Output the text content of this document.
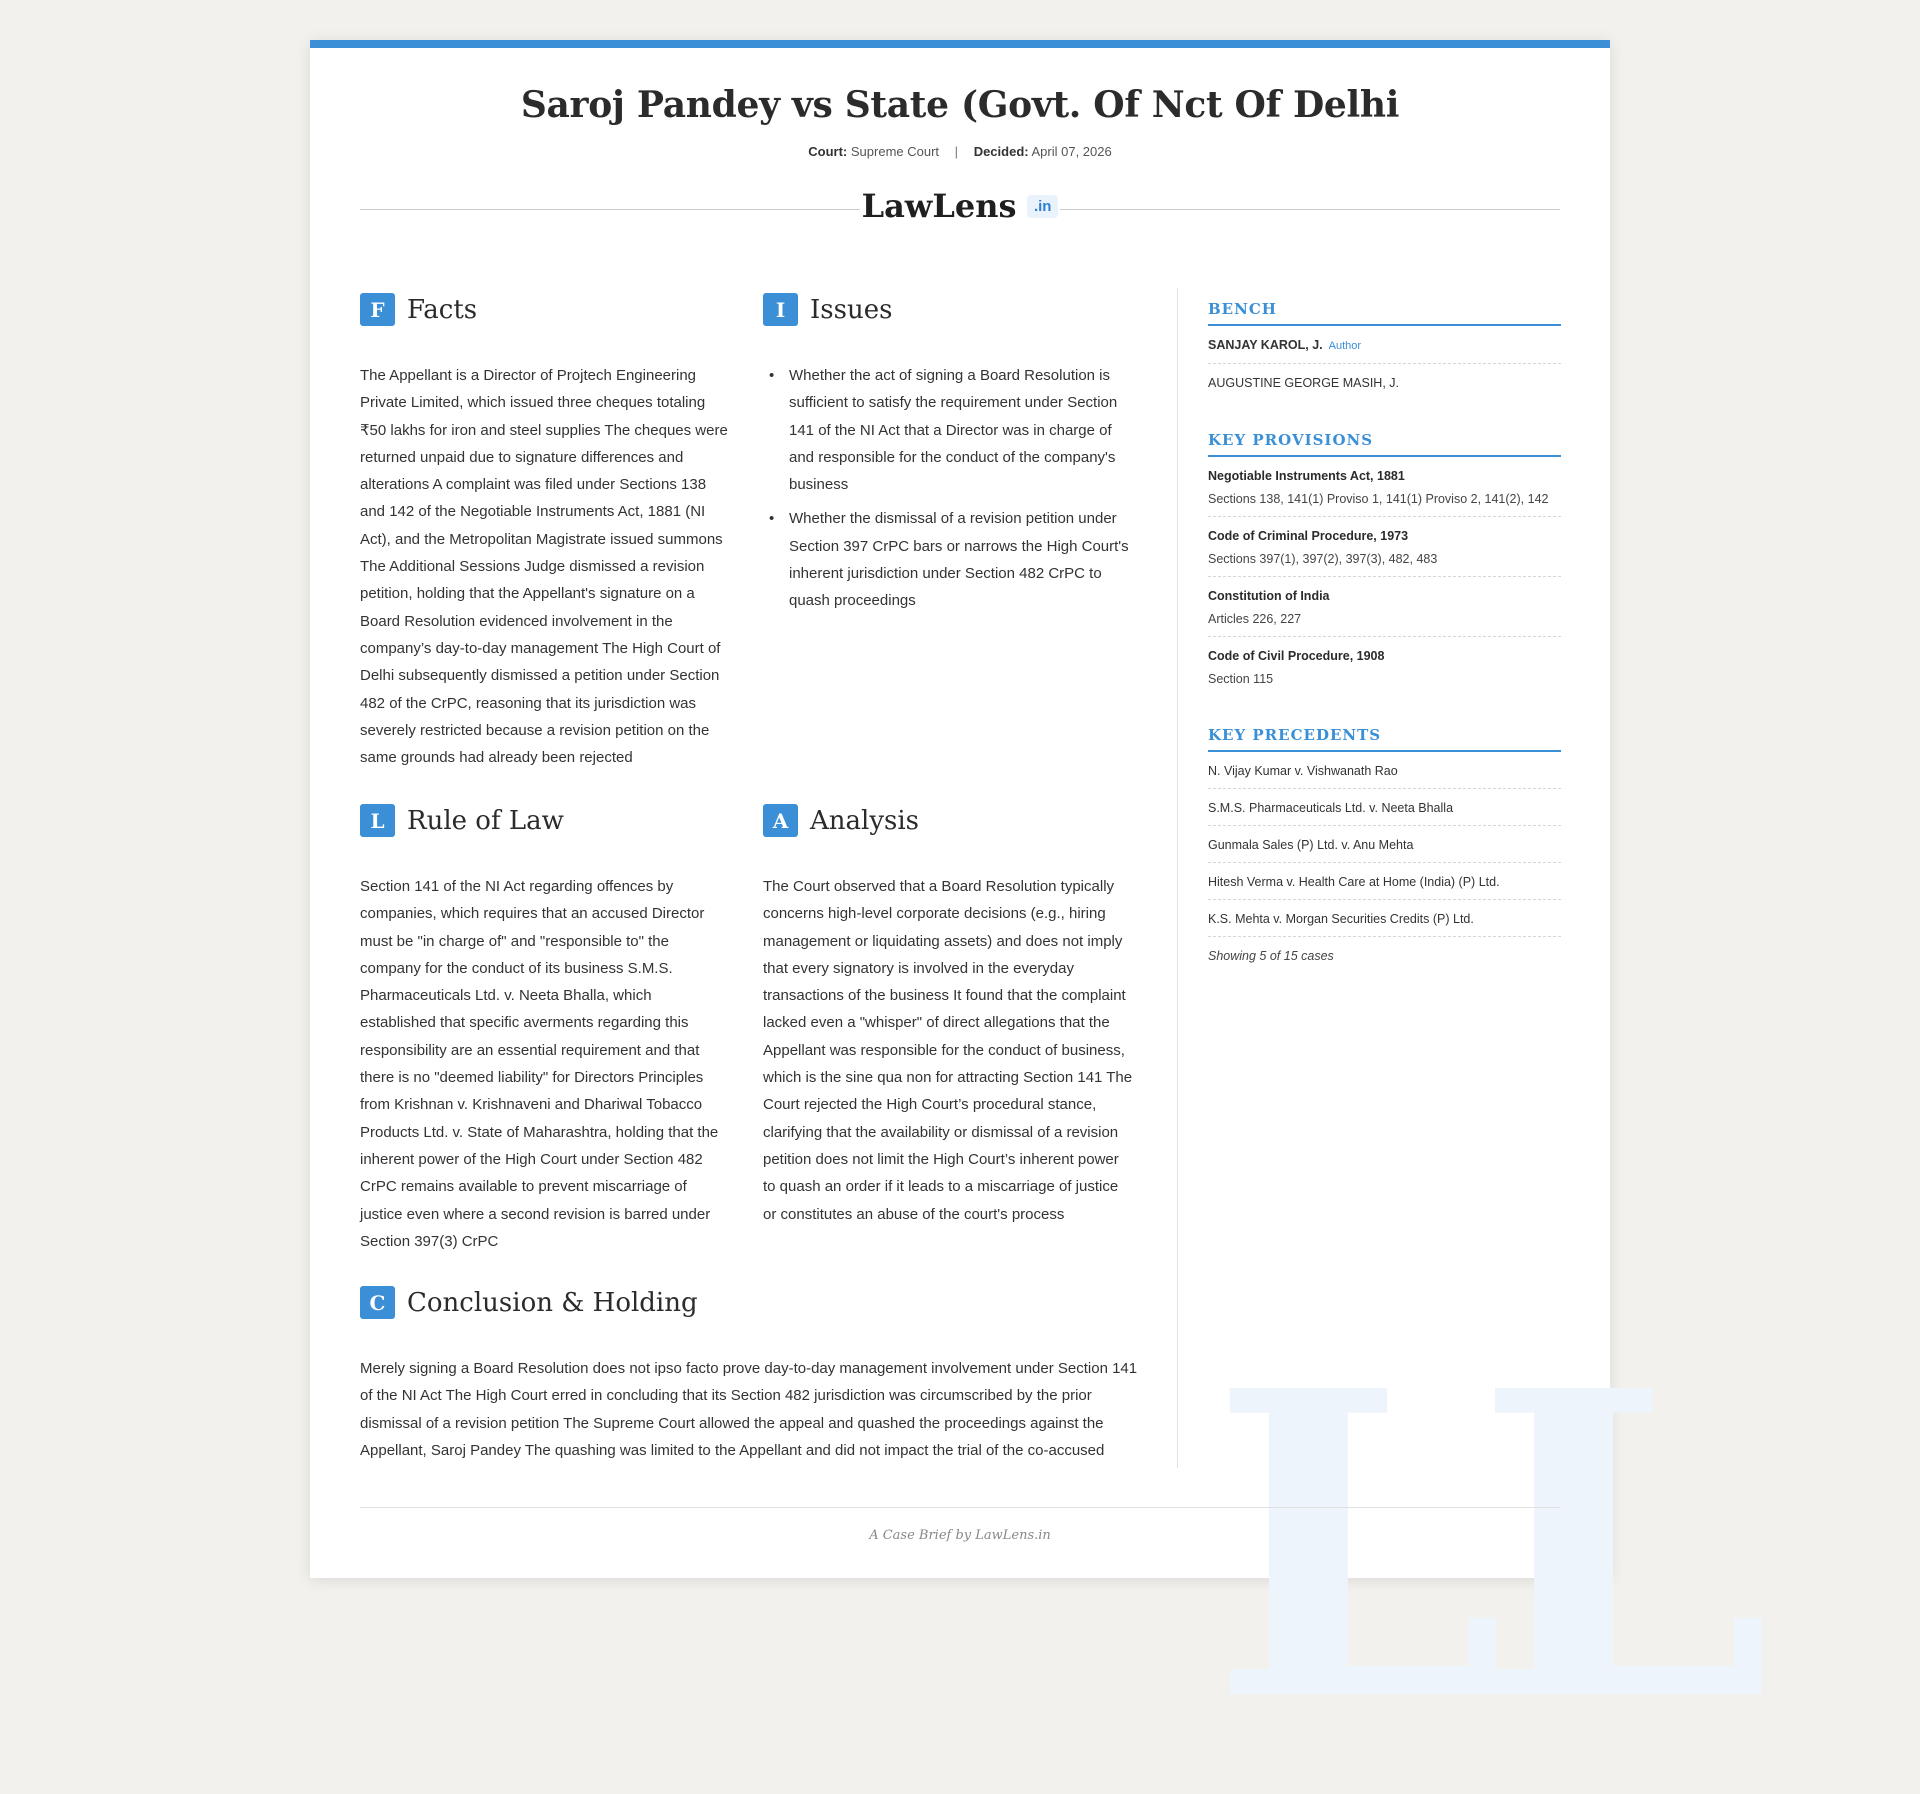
LL
Saroj Pandey vs State (Govt. Of Nct Of Delhi
Court: Supreme Court | Decided: April 07, 2026
LawLens .in
F Facts
The Appellant is a Director of Projtech Engineering Private Limited, which issued three cheques totaling ₹50 lakhs for iron and steel supplies The cheques were returned unpaid due to signature differences and alterations A complaint was filed under Sections 138 and 142 of the Negotiable Instruments Act, 1881 (NI Act), and the Metropolitan Magistrate issued summons The Additional Sessions Judge dismissed a revision petition, holding that the Appellant's signature on a Board Resolution evidenced involvement in the company’s day-to-day management The High Court of Delhi subsequently dismissed a petition under Section 482 of the CrPC, reasoning that its jurisdiction was severely restricted because a revision petition on the same grounds had already been rejected
I Issues
• Whether the act of signing a Board Resolution is sufficient to satisfy the requirement under Section 141 of the NI Act that a Director was in charge of and responsible for the conduct of the company's business
• Whether the dismissal of a revision petition under Section 397 CrPC bars or narrows the High Court's inherent jurisdiction under Section 482 CrPC to quash proceedings
L Rule of Law
Section 141 of the NI Act regarding offences by companies, which requires that an accused Director must be "in charge of" and "responsible to" the company for the conduct of its business S.M.S. Pharmaceuticals Ltd. v. Neeta Bhalla, which established that specific averments regarding this responsibility are an essential requirement and that there is no "deemed liability" for Directors Principles from Krishnan v. Krishnaveni and Dhariwal Tobacco Products Ltd. v. State of Maharashtra, holding that the inherent power of the High Court under Section 482 CrPC remains available to prevent miscarriage of justice even where a second revision is barred under Section 397(3) CrPC
A Analysis
The Court observed that a Board Resolution typically concerns high-level corporate decisions (e.g., hiring management or liquidating assets) and does not imply that every signatory is involved in the everyday transactions of the business It found that the complaint lacked even a "whisper" of direct allegations that the Appellant was responsible for the conduct of business, which is the sine qua non for attracting Section 141 The Court rejected the High Court’s procedural stance, clarifying that the availability or dismissal of a revision petition does not limit the High Court’s inherent power to quash an order if it leads to a miscarriage of justice or constitutes an abuse of the court's process
C Conclusion & Holding
Merely signing a Board Resolution does not ipso facto prove day-to-day management involvement under Section 141 of the NI Act The High Court erred in concluding that its Section 482 jurisdiction was circumscribed by the prior dismissal of a revision petition The Supreme Court allowed the appeal and quashed the proceedings against the Appellant, Saroj Pandey The quashing was limited to the Appellant and did not impact the trial of the co-accused
BENCH
SANJAY KAROL, J. Author
AUGUSTINE GEORGE MASIH, J.
KEY PROVISIONS
Negotiable Instruments Act, 1881
Sections 138, 141(1) Proviso 1, 141(1) Proviso 2, 141(2), 142
Code of Criminal Procedure, 1973
Sections 397(1), 397(2), 397(3), 482, 483
Constitution of India
Articles 226, 227
Code of Civil Procedure, 1908
Section 115
KEY PRECEDENTS
N. Vijay Kumar v. Vishwanath Rao
S.M.S. Pharmaceuticals Ltd. v. Neeta Bhalla
Gunmala Sales (P) Ltd. v. Anu Mehta
Hitesh Verma v. Health Care at Home (India) (P) Ltd.
K.S. Mehta v. Morgan Securities Credits (P) Ltd.
Showing 5 of 15 cases
A Case Brief by LawLens.in
